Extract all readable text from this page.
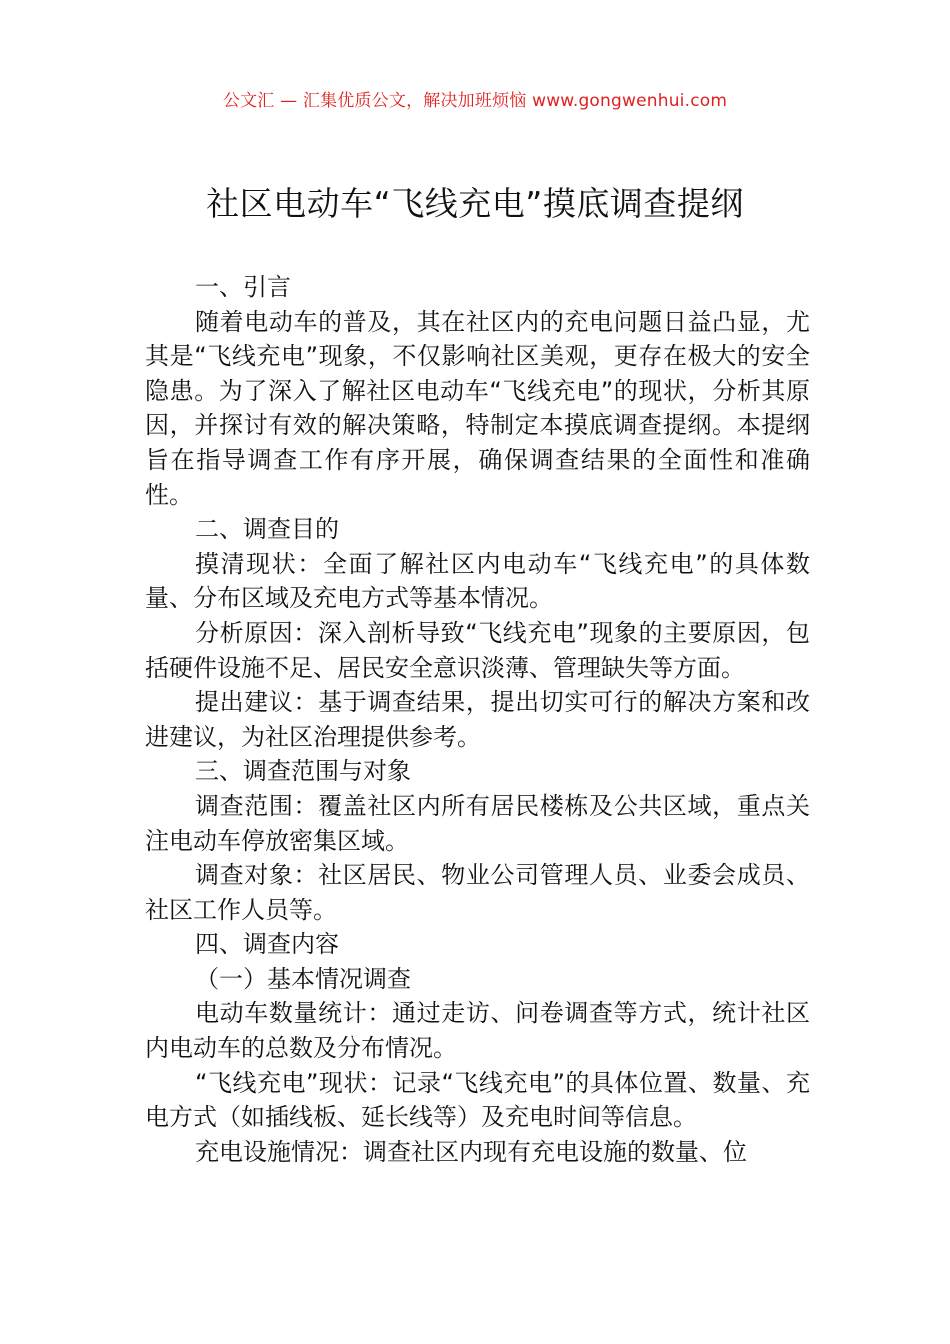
公文汇 — 汇集优质公文，解决加班烦恼 www.gongwenhui.com
社区电动车“飞线充电”摸底调查提纲

一、引言

随着电动车的普及，其在社区内的充电问题日益凸显，尤其是“飞线充电”现象，不仅影响社区美观，更存在极大的安全隐患。为了深入了解社区电动车“飞线充电”的现状，分析其原因，并探讨有效的解决策略，特制定本摸底调查提纲。本提纲旨在指导调查工作有序开展，确保调查结果的全面性和准确性。

二、调查目的

摸清现状：全面了解社区内电动车“飞线充电”的具体数量、分布区域及充电方式等基本情况。

分析原因：深入剖析导致“飞线充电”现象的主要原因，包括硬件设施不足、居民安全意识淡薄、管理缺失等方面。

提出建议：基于调查结果，提出切实可行的解决方案和改进建议，为社区治理提供参考。

三、调查范围与对象

调查范围：覆盖社区内所有居民楼栋及公共区域，重点关注电动车停放密集区域。

调查对象：社区居民、物业公司管理人员、业委会成员、社区工作人员等。

四、调查内容

（一）基本情况调查

电动车数量统计：通过走访、问卷调查等方式，统计社区内电动车的总数及分布情况。

“飞线充电”现状：记录“飞线充电”的具体位置、数量、充电方式（如插线板、延长线等）及充电时间等信息。

充电设施情况：调查社区内现有充电设施的数量、位
